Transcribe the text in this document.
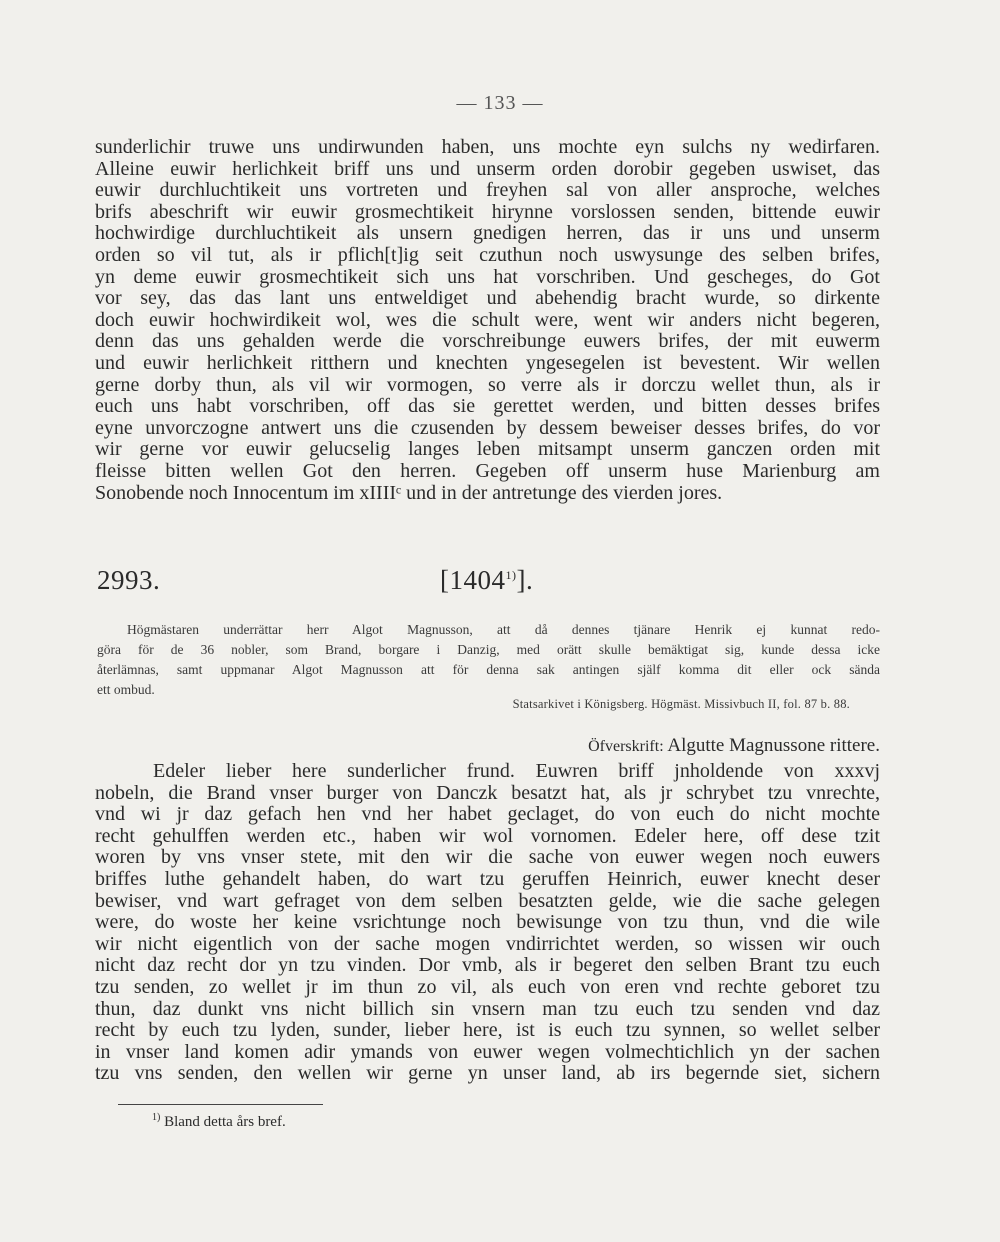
— 133 —

sunderlichir truwe uns undirwunden haben, uns mochte eyn sulchs ny wedirfaren.
Alleine euwir herlichkeit briff uns und unserm orden dorobir gegeben uswiset, das
euwir durchluchtikeit uns vortreten und freyhen sal von aller ansproche, welches
brifs abeschrift wir euwir grosmechtikeit hirynne vorslossen senden, bittende euwir
hochwirdige durchluchtikeit als unsern gnedigen herren, das ir uns und unserm
orden so vil tut, als ir pflich[t]ig seit czuthun noch uswysunge des selben brifes,
yn deme euwir grosmechtikeit sich uns hat vorschriben. Und gescheges, do Got
vor sey, das das lant uns entweldiget und abehendig bracht wurde, so dirkente
doch euwir hochwirdikeit wol, wes die schult were, went wir anders nicht begeren,
denn das uns gehalden werde die vorschreibunge euwers brifes, der mit euwerm
und euwir herlichkeit ritthern und knechten yngesegelen ist bevestent. Wir wellen
gerne dorby thun, als vil wir vormogen, so verre als ir dorczu wellet thun, als ir
euch uns habt vorschriben, off das sie gerettet werden, und bitten desses brifes
eyne unvorczogne antwert uns die czusenden by dessem beweiser desses brifes, do vor
wir gerne vor euwir gelucselig langes leben mitsampt unserm ganczen orden mit
fleisse bitten wellen Got den herren. Gegeben off unserm huse Marienburg am
Sonobende noch Innocentum im xIIIIᶜ und in der antretunge des vierden jores.

2993.	[1404$^{1)}$].

Högmästaren underrättar herr Algot Magnusson, att då dennes tjänare Henrik ej kunnat redo-
göra för de 36 nobler, som Brand, borgare i Danzig, med orätt skulle bemäktigat sig, kunde dessa icke
återlämnas, samt uppmanar Algot Magnusson att för denna sak antingen själf komma dit eller ock sända
ett ombud.

Statsarkivet i Königsberg. Högmäst. Missivbuch II, fol. 87 b. 88.
Öfverskrift: Algutte Magnussone rittere.

Edeler lieber here sunderlicher frund. Euwren briff jnholdende von xxxvj
nobeln, die Brand vnser burger von Danczk besatzt hat, als jr schrybet tzu vnrechte,
vnd wi jr daz gefach hen vnd her habet geclaget, do von euch do nicht mochte
recht gehulffen werden etc., haben wir wol vornomen. Edeler here, off dese tzit
woren by vns vnser stete, mit den wir die sache von euwer wegen noch euwers
briffes luthe gehandelt haben, do wart tzu geruffen Heinrich, euwer knecht deser
bewiser, vnd wart gefraget von dem selben besatzten gelde, wie die sache gelegen
were, do woste her keine vsrichtunge noch bewisunge von tzu thun, vnd die wile
wir nicht eigentlich von der sache mogen vndirrichtet werden, so wissen wir ouch
nicht daz recht dor yn tzu vinden. Dor vmb, als ir begeret den selben Brant tzu euch
tzu senden, zo wellet jr im thun zo vil, als euch von eren vnd rechte geboret tzu
thun, daz dunkt vns nicht billich sin vnsern man tzu euch tzu senden vnd daz
recht by euch tzu lyden, sunder, lieber here, ist is euch tzu synnen, so wellet selber
in vnser land komen adir ymands von euwer wegen volmechtichlich yn der sachen
tzu vns senden, den wellen wir gerne yn unser land, ab irs begernde siet, sichern

$^{1)}$ Bland detta års bref.
